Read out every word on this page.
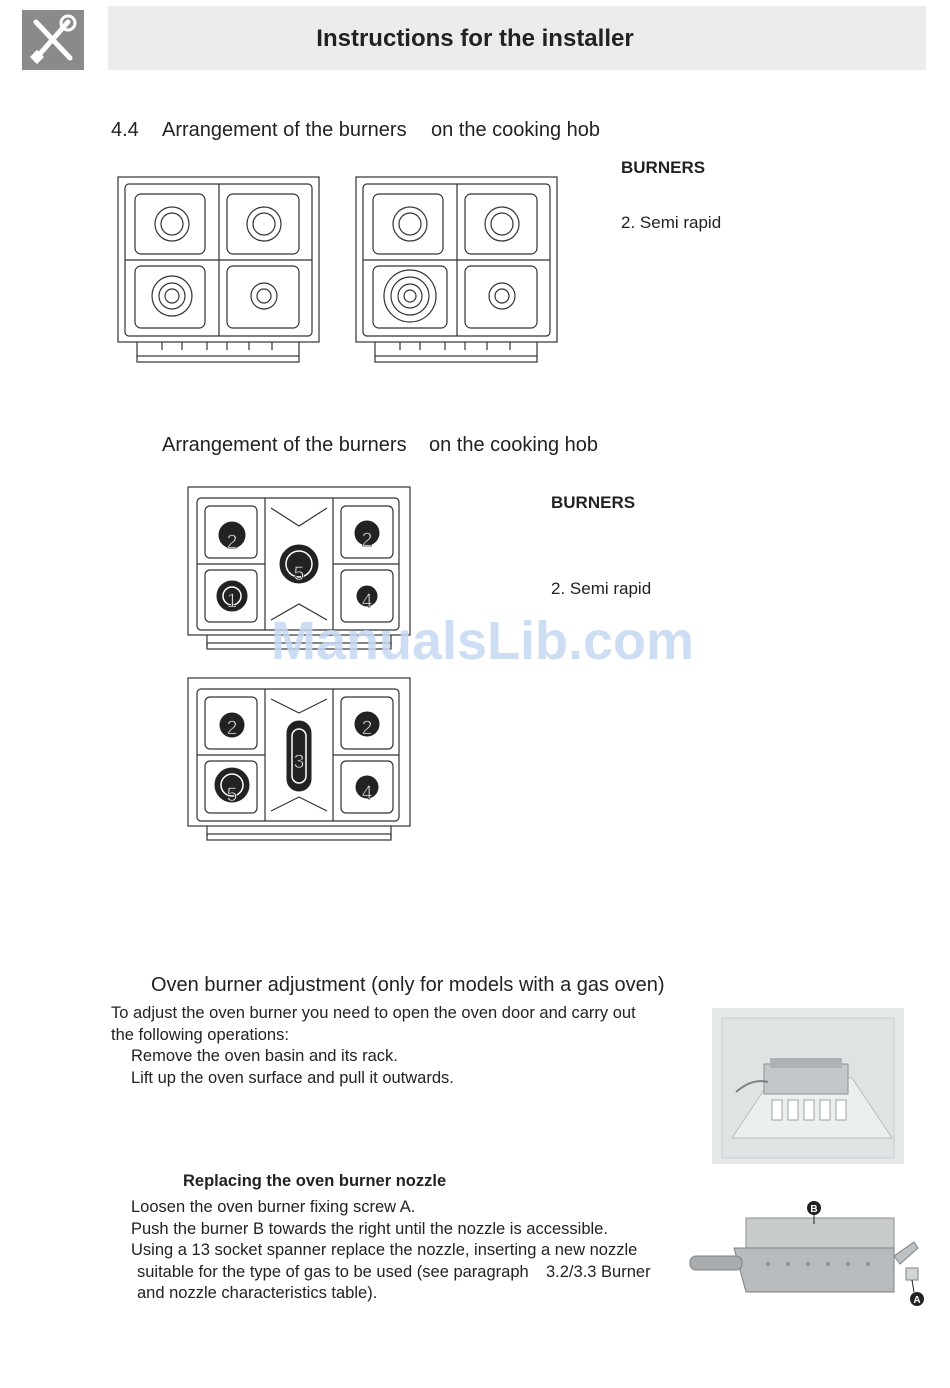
Instructions for the installer
4.4 Arrangement of the burners on the cooking hob
BURNERS
2. Semi rapid
Arrangement of the burners on the cooking hob
BURNERS
2. Semi rapid
2
5
2
1	4
2
3
2
5	4
ManualsLib.com
Oven burner adjustment (only for models with a gas oven)
To adjust the oven burner you need to open the oven door and carry out
the following operations:
Remove the oven basin and its rack.
Lift up the oven surface and pull it outwards.
Replacing the oven burner nozzle
Loosen the oven burner fixing screw A.
Push the burner B towards the right until the nozzle is accessible.
Using a 13 socket spanner replace the nozzle, inserting a new nozzle
suitable for the type of gas to be used (see paragraph 3.2/3.3 Burner
and nozzle characteristics table).
B
A
